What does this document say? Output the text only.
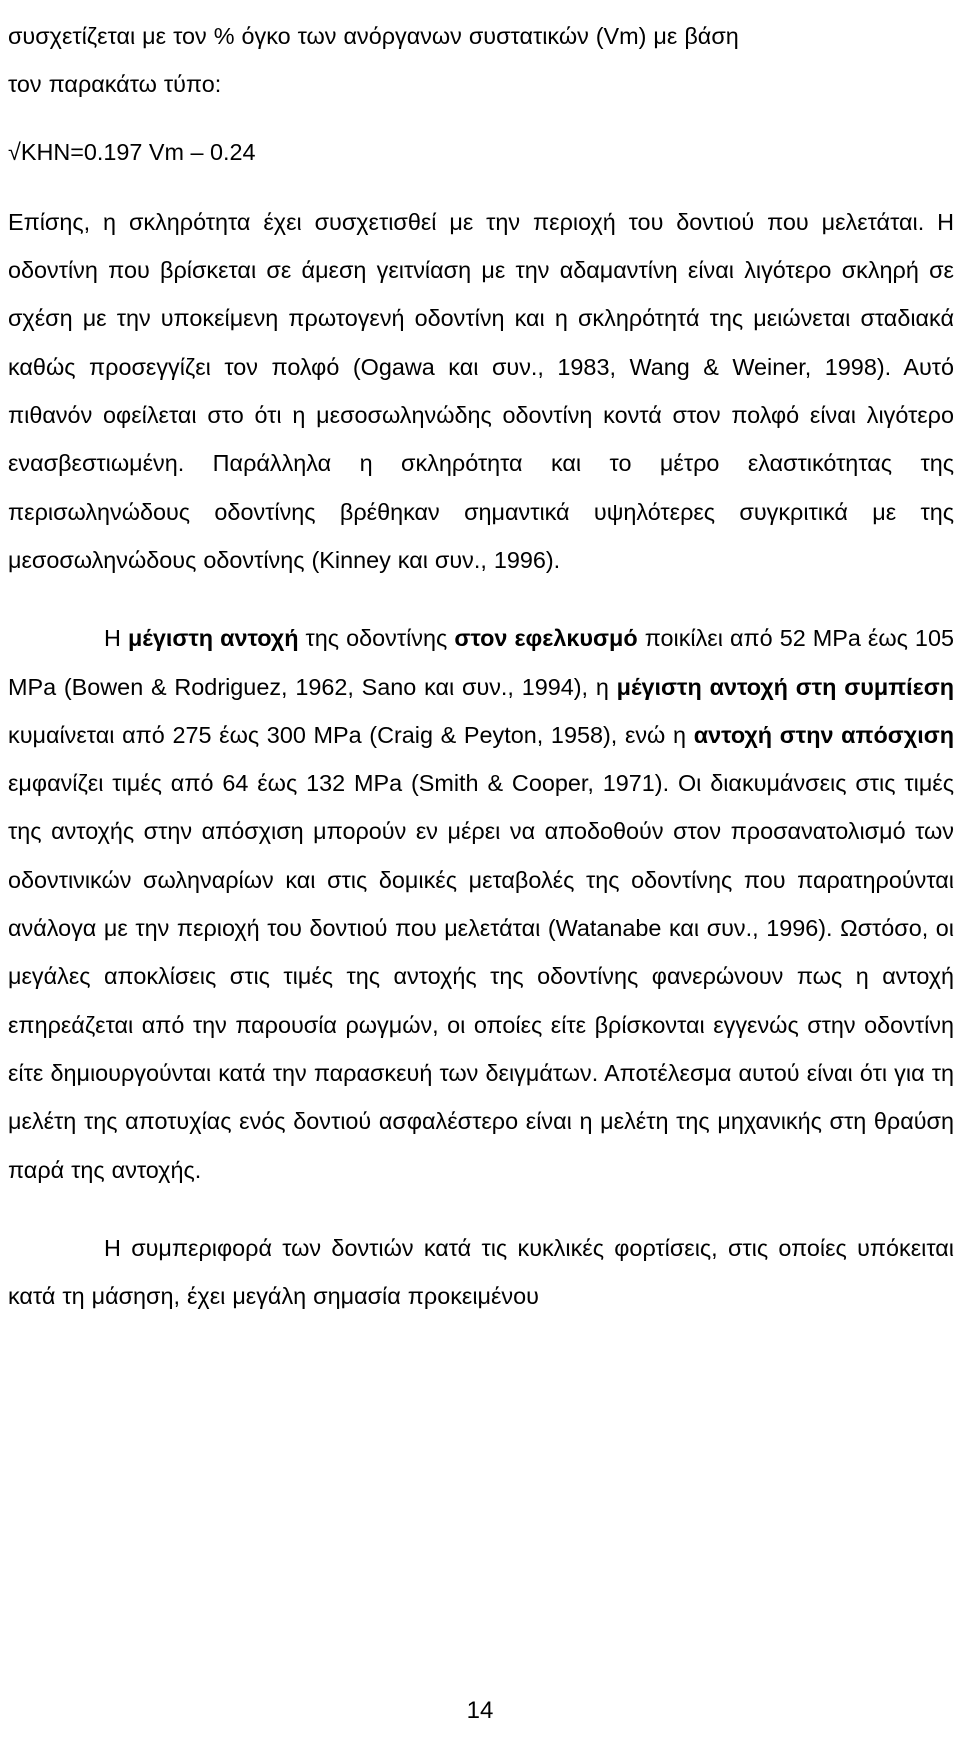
συσχετίζεται με τον % όγκο των ανόργανων συστατικών (Vm) με βάση

τον παρακάτω τύπο:

√KHN=0.197 Vm – 0.24

Επίσης, η σκληρότητα έχει συσχετισθεί με την περιοχή του δοντιού που μελετάται. Η οδοντίνη που βρίσκεται σε άμεση γειτνίαση με την αδαμαντίνη είναι λιγότερο σκληρή σε σχέση με την υποκείμενη πρωτογενή οδοντίνη και η σκληρότητά της μειώνεται σταδιακά καθώς προσεγγίζει τον πολφό (Ogawa και συν., 1983, Wang & Weiner, 1998). Αυτό πιθανόν οφείλεται στο ότι η μεσοσωληνώδης οδοντίνη κοντά στον πολφό είναι λιγότερο ενασβεστιωμένη. Παράλληλα η σκληρότητα και το μέτρο ελαστικότητας της περισωληνώδους οδοντίνης βρέθηκαν σημαντικά υψηλότερες συγκριτικά με της μεσοσωληνώδους οδοντίνης (Kinney και συν., 1996).

Η μέγιστη αντοχή της οδοντίνης στον εφελκυσμό ποικίλει από 52 MPa έως 105 MPa (Bowen & Rodriguez, 1962, Sano και συν., 1994), η μέγιστη αντοχή στη συμπίεση κυμαίνεται από 275 έως 300 MPa (Craig & Peyton, 1958), ενώ η αντοχή στην απόσχιση εμφανίζει τιμές από 64 έως 132 MPa (Smith & Cooper, 1971). Οι διακυμάνσεις στις τιμές της αντοχής στην απόσχιση μπορούν εν μέρει να αποδοθούν στον προσανατολισμό των οδοντινικών σωληναρίων και στις δομικές μεταβολές της οδοντίνης που παρατηρούνται ανάλογα με την περιοχή του δοντιού που μελετάται (Watanabe και συν., 1996). Ωστόσο, οι μεγάλες αποκλίσεις στις τιμές της αντοχής της οδοντίνης φανερώνουν πως η αντοχή επηρεάζεται από την παρουσία ρωγμών, οι οποίες είτε βρίσκονται εγγενώς στην οδοντίνη είτε δημιουργούνται κατά την παρασκευή των δειγμάτων. Αποτέλεσμα αυτού είναι ότι για τη μελέτη της αποτυχίας ενός δοντιού ασφαλέστερο είναι η μελέτη της μηχανικής στη θραύση παρά της αντοχής.

Η συμπεριφορά των δοντιών κατά τις κυκλικές φορτίσεις, στις οποίες υπόκειται κατά τη μάσηση, έχει μεγάλη σημασία προκειμένου

14
